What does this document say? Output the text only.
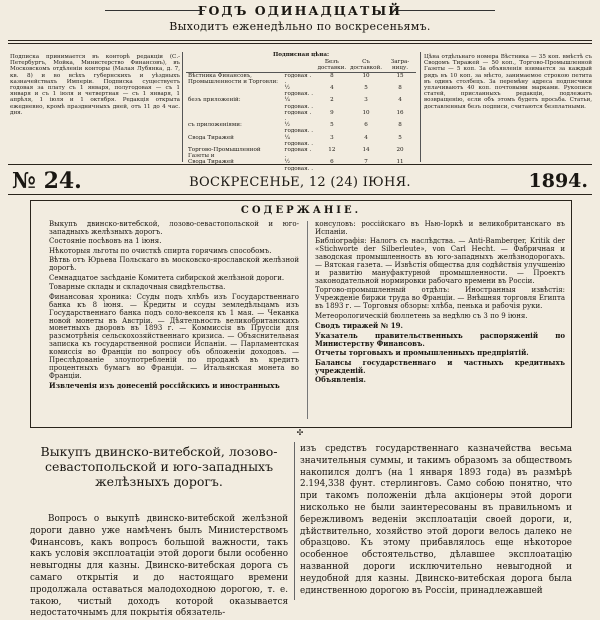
ГОДЪ ОДИНАДЦАТЫЙ
Выходитъ еженедѣльно по воскресеньямъ.
Подписка принимается въ конторѣ редакціи (С.-Петербургъ, Мойка, Министерство Финансовъ), въ Московскомъ отдѣленіи конторы (Малая Лубянка, д. 7, кв. 8) и во всѣхъ губернскихъ и уѣздныхъ казначействахъ Имперіи. Подписка существуетъ годовая за плату съ 1 января, полугодовая — съ 1 января и съ 1 іюля и четвертная — съ 1 января, 1 апрѣля, 1 іюля и 1 октября. Редакція открыта ежедневно, кромѣ праздничныхъ дней, отъ 11 до 4 час. дня.
Подписная цѣна:
		Безъ доставки.	Съ доставкой.	Загра-ницу.
Вѣстника Финансовъ, Промышленности и Торговли:	годовая . .	8	10	15
	½ годовая. .	4	5	8
безъ приложеній:	¼ годовая. .	2	3	4
	годовая . .	9	10	16
съ приложеніями:	½ годовая. .	5	6	8
Свода Тиражей	¼ годовая. .	3	4	5
Торгово-Промышленной Газеты и	годовая . .	12	14	20
Свода Тиражей	½ годовая. .	6	7	11
Цѣна отдѣльнаго номера Вѣстника — 35 коп. вмѣстѣ съ Сводомъ Тиражей — 50 коп., Торгово-Промышленной Газеты — 5 коп. За объявленія взимается за каждый рядъ въ 10 коп. за мѣсто, занимаемое строкою петита въ одинъ столбецъ. За перемѣну адреса подписчики уплачиваютъ 40 коп. почтовыми марками. Рукописи статей, присланныхъ редакціи, подлежатъ возвращенію, если объ этомъ будетъ просьба. Статьи, доставленныя безъ подписи, считаются безплатными.
№ 24.	ВОСКРЕСЕНЬЕ, 12 (24) ІЮНЯ.	1894.
СОДЕРЖАНІЕ.

Выкупъ двинско-витебской, лозово-севастопольской и юго-западныхъ желѣзныхъ дорогъ.

Состояніе посѣвовъ на 1 іюня.

Нѣкоторыя льготы по очисткѣ спирта горячимъ способомъ.

Вѣтвь отъ Юрьева Польскаго въ московско-ярославской желѣзной дорогѣ.

Семнадцатое засѣданіе Комитета сибирской желѣзной дороги.

Товарные склады и складочныя свидѣтельства.

Финансовая хроника: Ссуды подъ хлѣбъ изъ Государственнаго банка къ 8 іюня. — Кредиты и ссуды земледѣльцамъ изъ Государственнаго банка подъ соло-векселя къ 1 мая. — Чеканка новой монеты въ Австріи. — Дѣятельность великобританскихъ монетныхъ дворовъ въ 1893 г. — Коммиссія въ Пруссіи для разсмотрѣнія сельскохозяйственнаго кризиса. — Объяснительная записка къ государственной росписи Испаніи. — Парламентская комиссія во Франціи по вопросу объ обложеніи доходовъ. — Преслѣдованіе злоупотребленій по продажѣ въ кредитъ процентныхъ бумагъ во Франціи. — Итальянская монета во Франціи.

Извлеченія изъ донесеній россійскихъ и иностранныхъ

консуловъ: россійскаго въ Нью-Іоркѣ и великобританскаго въ Испаніи.

Библіографія: Налогъ съ наслѣдства. — Anti-Bamberger, Kritik der «Stichworte der Silberleute», von Carl Hecht. — Фабричная и заводская промышленность въ юго-западныхъ желѣзнодорогахъ. — Вятская газета. — Извѣстія общества для содѣйствія улучшенію и развитію мануфактурной промышленности. — Проектъ законодательной нормировки рабочаго времени въ Россіи.

Торгово-промышленный отдѣлъ: Иностранныя извѣстія: Учрежденіе биржи труда во Франціи. — Внѣшняя торговля Египта въ 1893 г. — Торговыя обзоры: хлѣба, пенька и рабочія руки.

Метеорологическій бюллетень за недѣлю съ 3 по 9 іюня.

Сводъ тиражей № 19.

Указатель правительственныхъ распоряженій по Министерству Финансовъ.

Отчеты торговыхъ и промышленныхъ предпріятій.

Балансы государственнаго и частныхъ кредитныхъ учрежденій.

Объявленія.

✣
Выкупъ двинско-витебской, лозово-севастопольской и юго-западныхъ желѣзныхъ дорогъ.
Вопросъ о выкупѣ двинско-витебской желѣзной дороги давно уже намѣченъ былъ Министерствомъ Финансовъ, какъ вопросъ большой важности, такъ какъ условія эксплоатаціи этой дороги были особенно невыгодны для казны. Двинско-витебская дорога съ самаго открытія и до настоящаго времени продолжала оставаться малодоходною дорогою, т. е. такою, чистый доходъ которой оказывается недостаточнымъ для покрытія обязатель-
изъ средствъ государственнаго казначейства весьма значительныя суммы, и такимъ образомъ за обществомъ накопился долгъ (на 1 января 1893 года) въ размѣрѣ 2.194,338 фунт. стерлинговъ. Само собою понятно, что при такомъ положеніи дѣла акціонеры этой дороги нисколько не были заинтересованы въ правильномъ и бережливомъ веденіи эксплоатаціи своей дороги, и, дѣйствительно, хозяйство этой дороги велось далеко не образцово. Къ этому прибавлялось еще нѣкоторое особенное обстоятельство, дѣлавшее эксплоатацію названной дороги исключительно невыгодной и неудобной для казны. Двинско-витебская дорога была единственною дорогою въ Россіи, принадлежавшей
